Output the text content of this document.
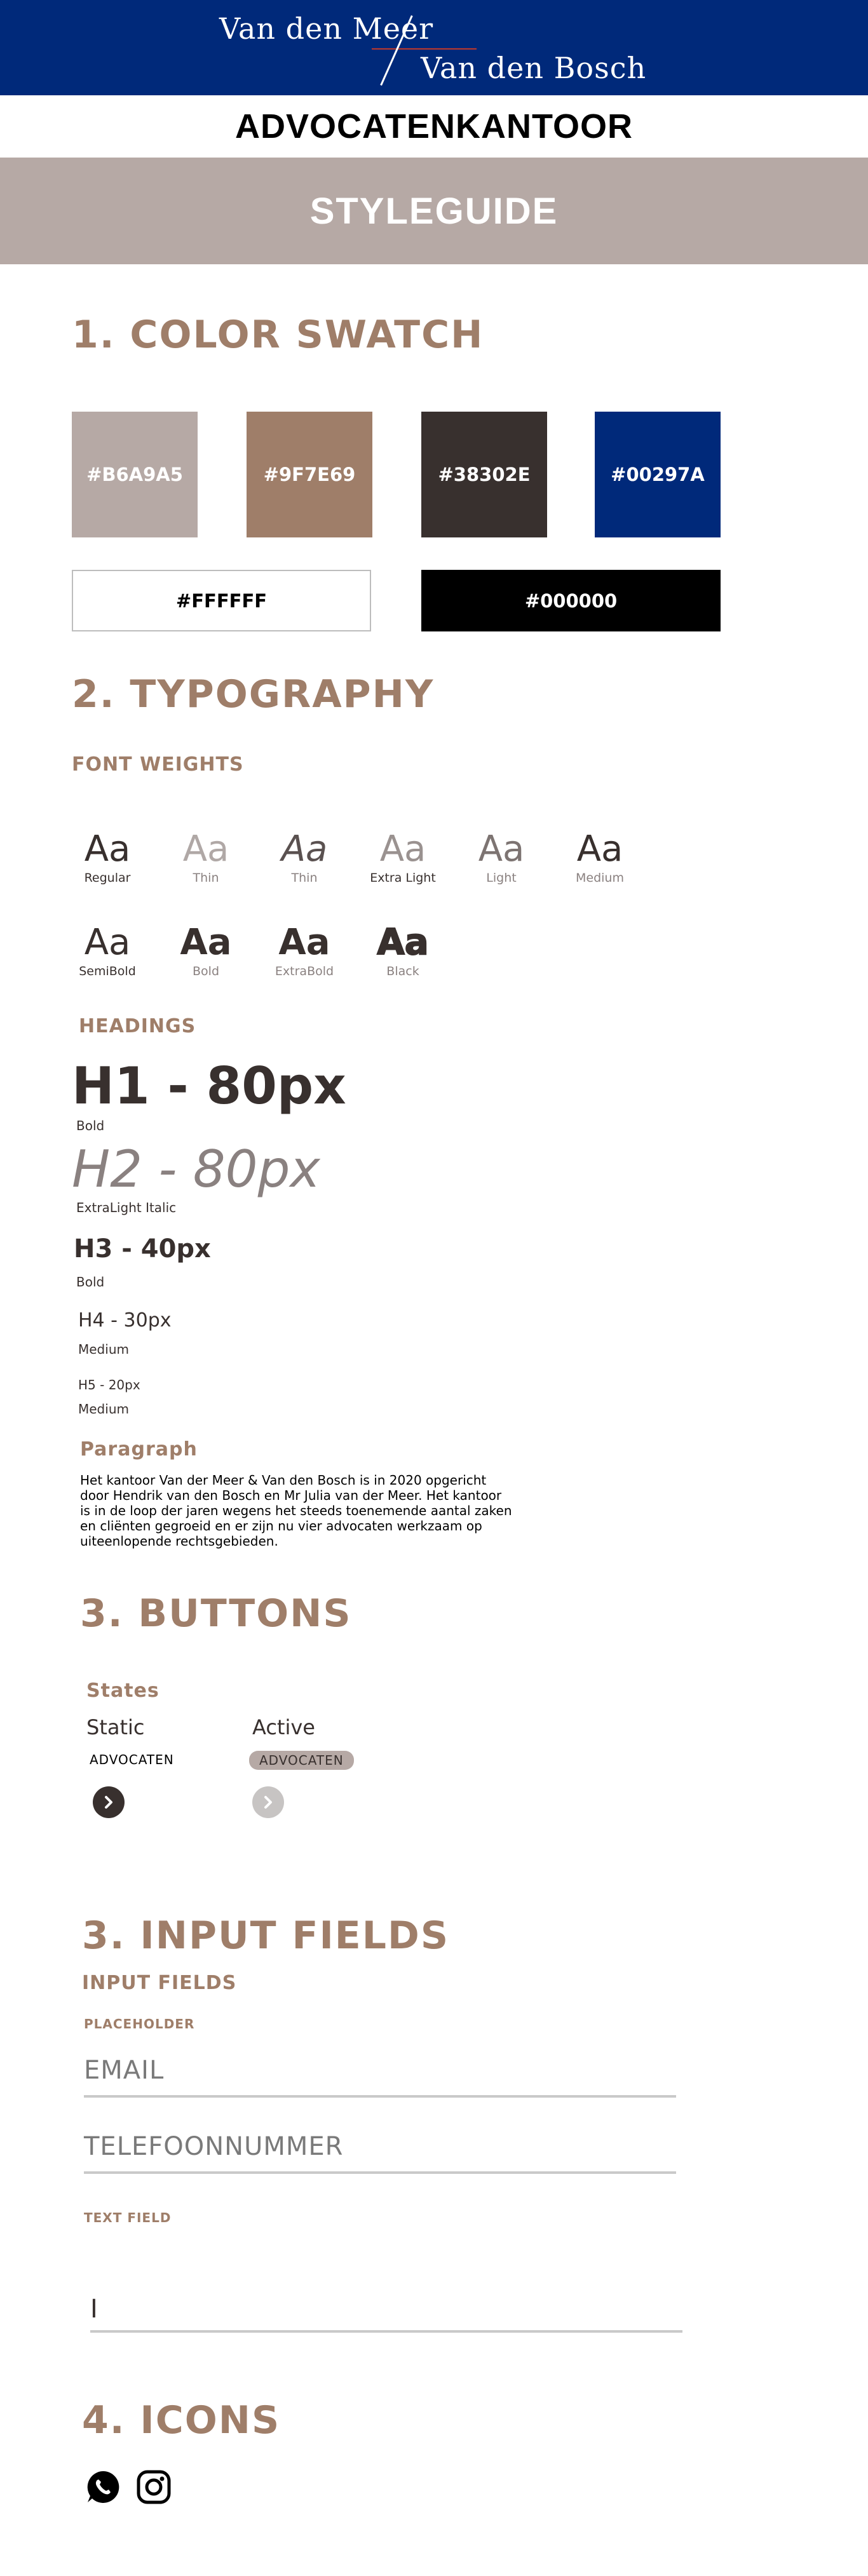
Van den Meer
Van den Bosch
ADVOCATENKANTOOR
STYLEGUIDE
1. COLOR SWATCH
#B6A9A5	#9F7E69	#38302E	#00297A
#FFFFFF	#000000
2. TYPOGRAPHY
FONT WEIGHTS
Aa
Regular
Aa
Thin
Aa
Thin
Aa
Extra Light
Aa
Light
Aa
Medium
Aa
SemiBold
Aa
Bold
Aa
ExtraBold
Aa
Black
HEADINGS
H1 - 80px
Bold
H2 - 80px
ExtraLight Italic
H3 - 40px
Bold
H4 - 30px
Medium
H5 - 20px
Medium
Paragraph
Het kantoor Van der Meer & Van den Bosch is in 2020 opgericht door Hendrik van den Bosch en Mr Julia van der Meer. Het kantoor is in de loop der jaren wegens het steeds toenemende aantal zaken en cliënten gegroeid en er zijn nu vier advocaten werkzaam op uiteenlopende rechtsgebieden.
3. BUTTONS
States
Static	Active
ADVOCATEN	ADVOCATEN
3. INPUT FIELDS
INPUT FIELDS
PLACEHOLDER
EMAIL
TELEFOONNUMMER
TEXT FIELD
I
4. ICONS
